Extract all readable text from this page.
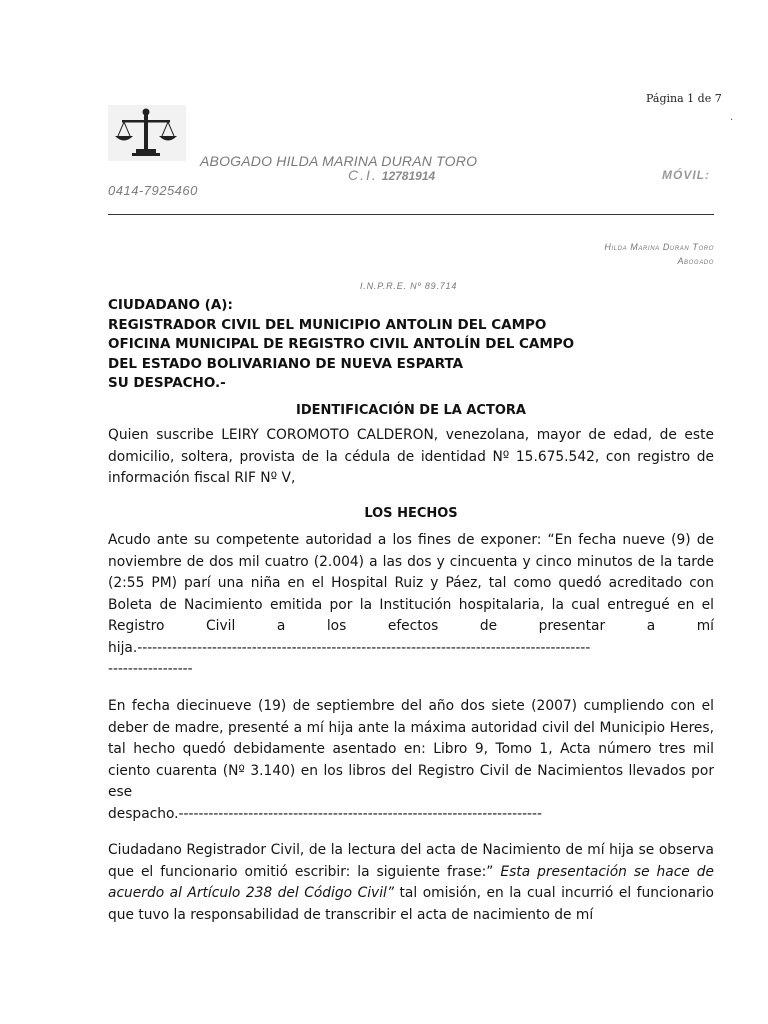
Página 1 de 7
.
ABOGADO HILDA MARINA DURAN TORO
C.I. 12781914	MÓVIL:
0414-7925460
Hilda Marina Duran Toro
Abogado
I.N.P.R.E. Nº 89.714
CIUDADANO (A):
REGISTRADOR CIVIL DEL MUNICIPIO ANTOLIN DEL CAMPO
OFICINA MUNICIPAL DE REGISTRO CIVIL ANTOLÍN DEL CAMPO
DEL ESTADO BOLIVARIANO DE NUEVA ESPARTA
SU DESPACHO.-
IDENTIFICACIÓN DE LA ACTORA

Quien suscribe LEIRY COROMOTO CALDERON, venezolana, mayor de edad, de este domicilio, soltera, provista de la cédula de identidad Nº 15.675.542, con registro de información fiscal RIF Nº V,

LOS HECHOS

Acudo ante su competente autoridad a los fines de exponer: “En fecha nueve (9) de noviembre de dos mil cuatro (2.004) a las dos y cincuenta y cinco minutos de la tarde (2:55 PM) parí una niña en el Hospital Ruiz y Páez, tal como quedó acreditado con Boleta de Nacimiento emitida por la Institución hospitalaria, la cual entregué en el Registro Civil a los efectos de presentar a mí

hija.-------------------------------------------------------------------------------------------

-----------------

En fecha diecinueve (19) de septiembre del año dos siete (2007) cumpliendo con el deber de madre, presenté a mí hija ante la máxima autoridad civil del Municipio Heres, tal hecho quedó debidamente asentado en: Libro 9, Tomo 1, Acta número tres mil ciento cuarenta (Nº 3.140) en los libros del Registro Civil de Nacimientos llevados por ese

despacho.-------------------------------------------------------------------------

Ciudadano Registrador Civil, de la lectura del acta de Nacimiento de mí hija se observa que el funcionario omitió escribir: la siguiente frase:” Esta presentación se hace de acuerdo al Artículo 238 del Código Civil” tal omisión, en la cual incurrió el funcionario que tuvo la responsabilidad de transcribir el acta de nacimiento de mí
